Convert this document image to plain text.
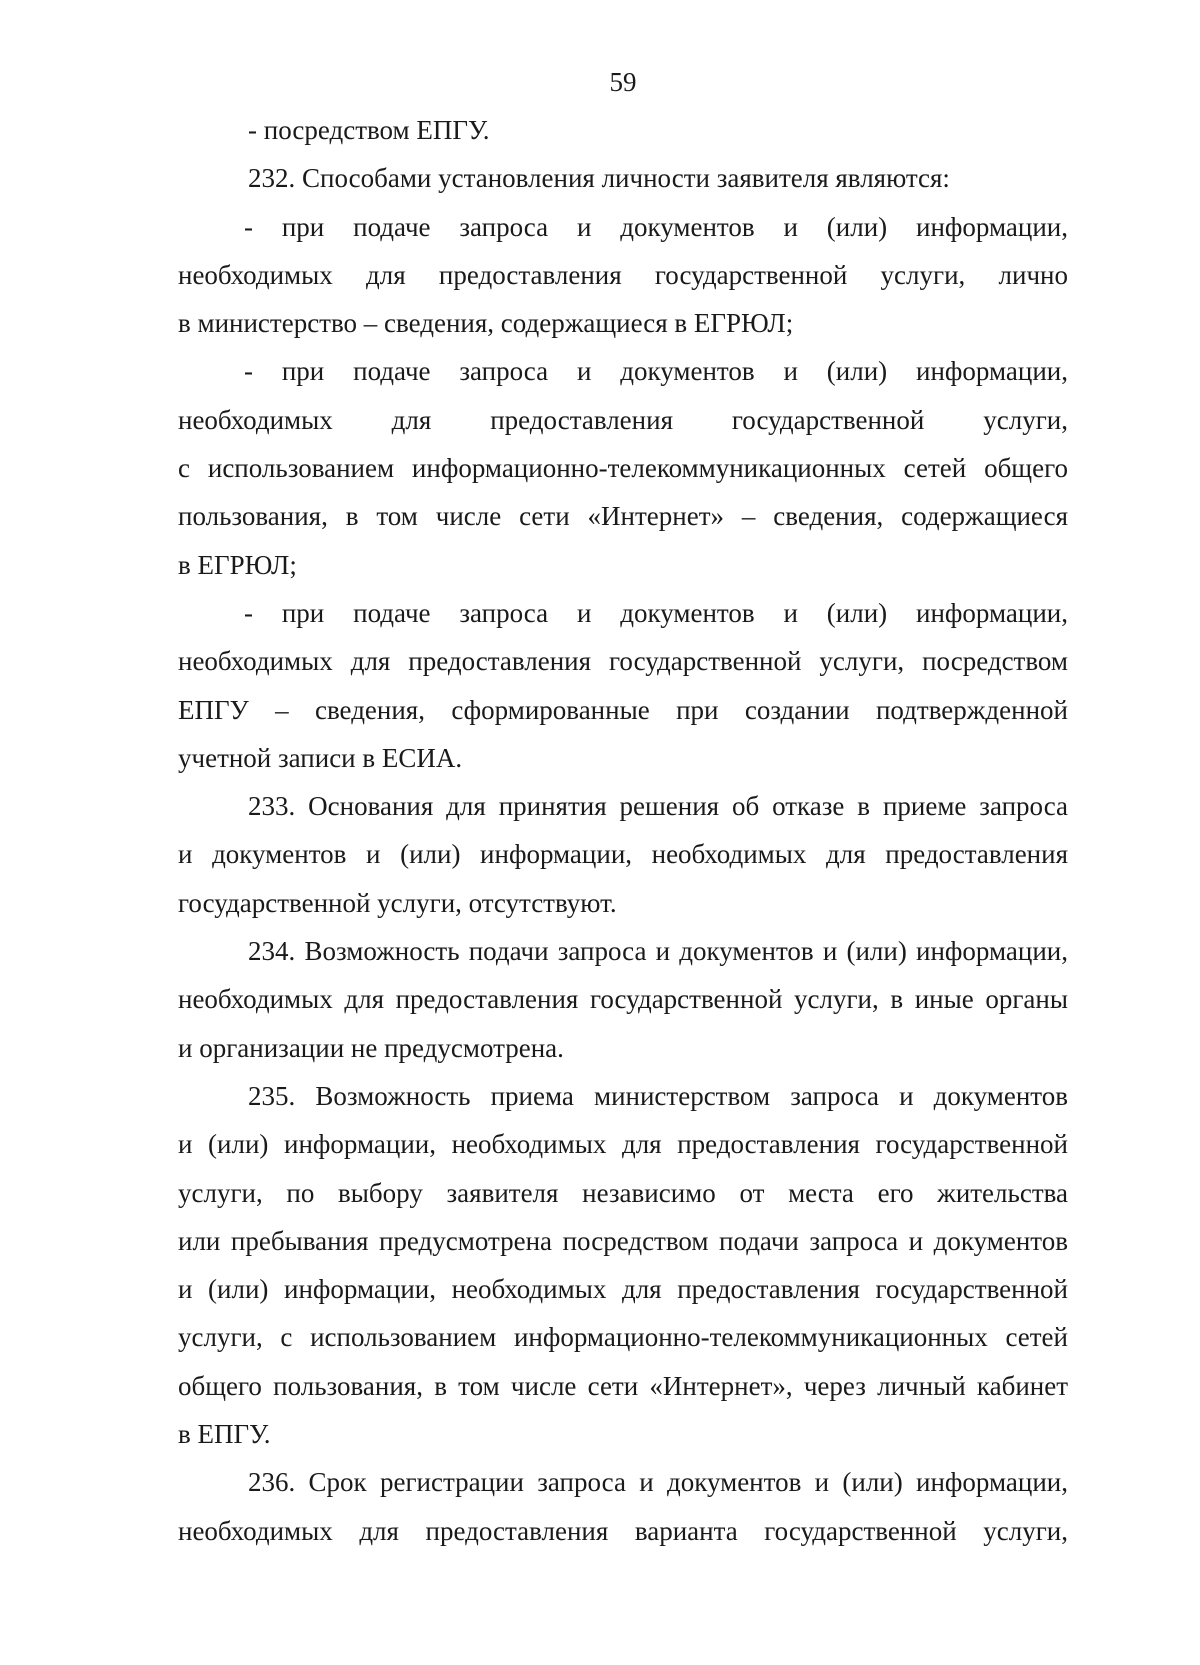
59
- посредством ЕПГУ.
232. Способами установления личности заявителя являются:
- при подаче запроса и документов и (или) информации,
необходимых для предоставления государственной услуги, лично
в министерство – сведения, содержащиеся в ЕГРЮЛ;
- при подаче запроса и документов и (или) информации,
необходимых для предоставления государственной услуги,
с использованием информационно-телекоммуникационных сетей общего
пользования, в том числе сети «Интернет» – сведения, содержащиеся
в ЕГРЮЛ;
- при подаче запроса и документов и (или) информации,
необходимых для предоставления государственной услуги, посредством
ЕПГУ – сведения, сформированные при создании подтвержденной
учетной записи в ЕСИА.
233. Основания для принятия решения об отказе в приеме запроса
и документов и (или) информации, необходимых для предоставления
государственной услуги, отсутствуют.
234. Возможность подачи запроса и документов и (или) информации,
необходимых для предоставления государственной услуги, в иные органы
и организации не предусмотрена.
235. Возможность приема министерством запроса и документов
и (или) информации, необходимых для предоставления государственной
услуги, по выбору заявителя независимо от места его жительства
или пребывания предусмотрена посредством подачи запроса и документов
и (или) информации, необходимых для предоставления государственной
услуги, с использованием информационно-телекоммуникационных сетей
общего пользования, в том числе сети «Интернет», через личный кабинет
в ЕПГУ.
236. Срок регистрации запроса и документов и (или) информации,
необходимых для предоставления варианта государственной услуги,
